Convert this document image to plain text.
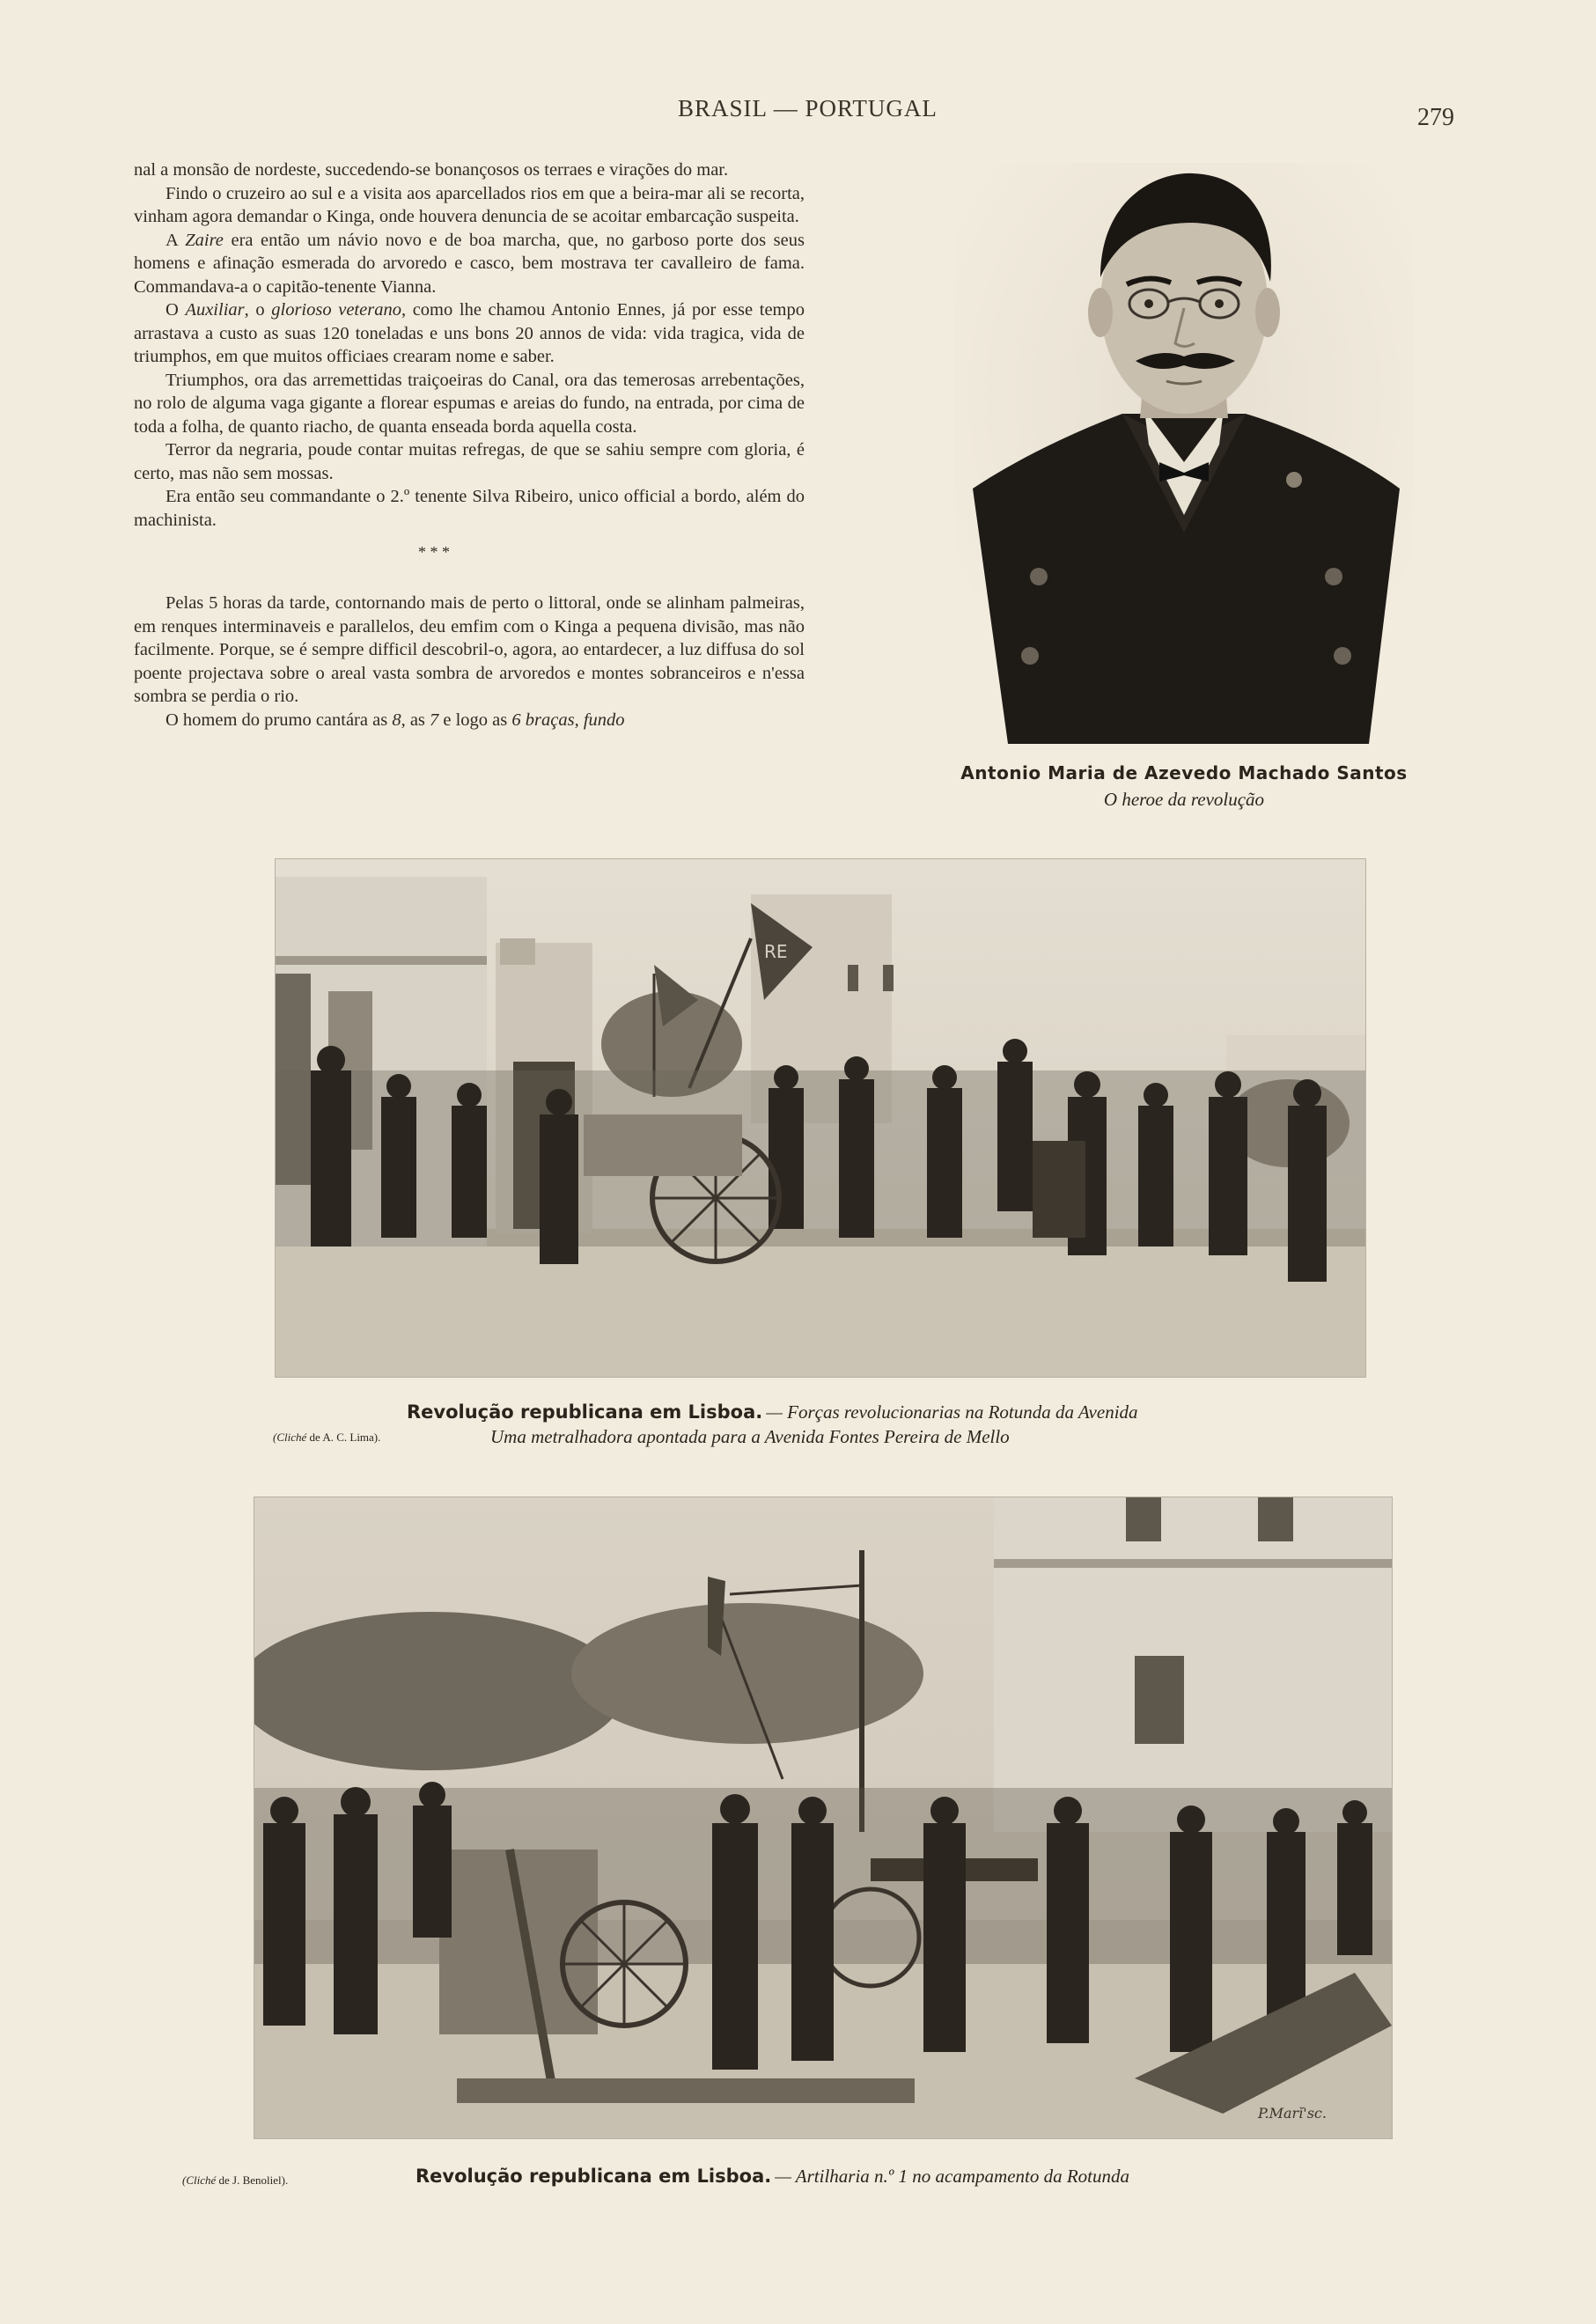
BRASIL — PORTUGAL	279

nal a monsão de nordeste, succedendo-se bonançosos os terraes e virações do mar.

Findo o cruzeiro ao sul e a visita aos aparcellados rios em que a beira-mar ali se recorta, vinham agora demandar o Kinga, onde houvera denuncia de se acoitar embarcação suspeita.

A Zaire era então um návio novo e de boa marcha, que, no garboso porte dos seus homens e afinação esmerada do arvoredo e casco, bem mostrava ter cavalleiro de fama. Commandava-a o capitão-tenente Vianna.

O Auxiliar, o glorioso veterano, como lhe chamou Antonio Ennes, já por esse tempo arrastava a custo as suas 120 toneladas e uns bons 20 annos de vida: vida tragica, vida de triumphos, em que muitos officiaes crearam nome e saber.

Triumphos, ora das arremettidas traiçoeiras do Canal, ora das temerosas arrebentações, no rolo de alguma vaga gigante a florear espumas e areias do fundo, na entrada, por cima de toda a folha, de quanto riacho, de quanta enseada borda aquella costa.

Terror da negraria, poude contar muitas refregas, de que se sahiu sempre com gloria, é certo, mas não sem mossas.

Era então seu commandante o 2.º tenente Silva Ribeiro, unico official a bordo, além do machinista.

* * *

Pelas 5 horas da tarde, contornando mais de perto o littoral, onde se alinham palmeiras, em renques interminaveis e parallelos, deu emfim com o Kinga a pequena divisão, mas não facilmente. Porque, se é sempre difficil descobril-o, agora, ao entardecer, a luz diffusa do sol poente projectava sobre o areal vasta sombra de arvoredos e montes sobranceiros e n'essa sombra se perdia o rio.

O homem do prumo cantára as 8, as 7 e logo as 6 braças, fundo

Antonio Maria de Azevedo Machado Santos
O heroe da revolução
RE
Revolução republicana em Lisboa. — Forças revolucionarias na Rotunda da Avenida
(Cliché de A. C. Lima).	Uma metralhadora apontada para a Avenida Fontes Pereira de Mello
P.Marĭ'sc.
(Cliché de J. Benoliel).	Revolução republicana em Lisboa. — Artilharia n.º 1 no acampamento da Rotunda
